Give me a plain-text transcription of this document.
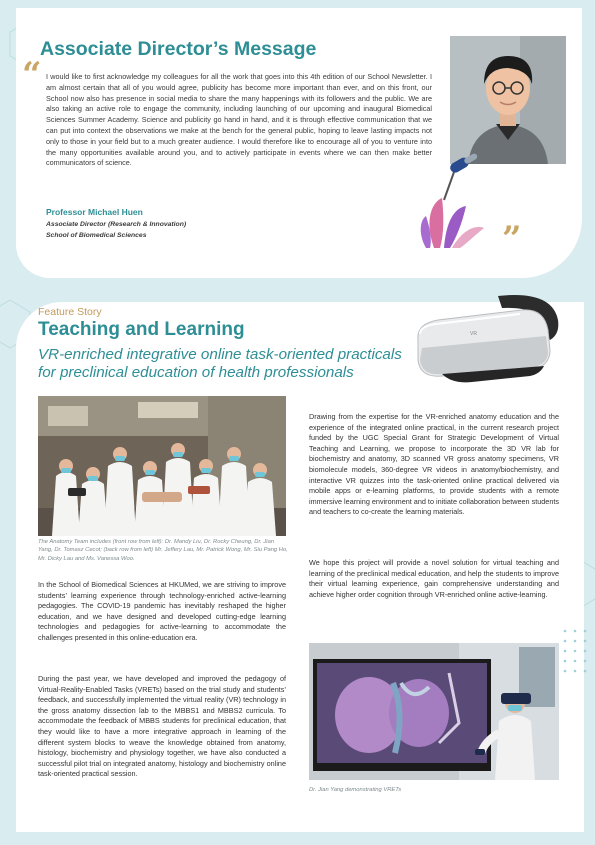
Associate Director’s Message
“ I would like to first acknowledge my colleagues for all the work that goes into this 4th edition of our School Newsletter. I am almost certain that all of you would agree, publicity has become more important than ever, and on this front, our School now also has presence in social media to share the many happenings with its followers and the public. We are also taking an active role to engage the community, including launching of our upcoming and inaugural Biomedical Sciences Summer Academy. Science and publicity go hand in hand, and it is through effective communication that we can put into context the observations we make at the bench for the general public, hoping to leave lasting impacts not only to those in your field but to a much greater audience. I would therefore like to encourage all of you to venture into the many opportunities available around you, and to actively participate in events where we can then make better communicators of science.

Professor Michael Huen

Associate Director (Research & Innovation)

School of Biomedical Sciences	”

Feature Story

Teaching and Learning

VR-enriched integrative online task-oriented practicals
for preclinical education of health professionals

VR

The Anatomy Team includes (front row from left): Dr. Mandy Liu, Dr. Rocky Cheung, Dr. Jian Yang, Dr. Tomasz Cecot; (back row from left) Mr. Jeffery Lau, Mr. Patrick Wong, Mr. Siu Pang Ho, Mr. Dicky Lau and Ms. Vanessa Woo.

In the School of Biomedical Sciences at HKUMed, we are striving to improve students’ learning experience through technology-enriched active-learning pedagogies. The COVID-19 pandemic has inevitably reshaped the higher education, and we have designed and developed cutting-edge learning technologies and pedagogies for active-learning to accommodate the challenges presented in this online-education era.

During the past year, we have developed and improved the pedagogy of Virtual-Reality-Enabled Tasks (VRETs) based on the trial study and students’ feedback, and successfully implemented the virtual reality (VR) technology in the gross anatomy dissection lab to the MBBS1 and MBBS2 curricula. To accommodate the feedback of MBBS students for preclinical education, that they would like to have a more integrative approach in learning of the different system blocks to weave the knowledge obtained from anatomy, histology, biochemistry and physiology together, we have also conducted a successful pilot trial on integrated anatomy, histology and biochemistry online task-oriented practical session.

Drawing from the expertise for the VR-enriched anatomy education and the experience of the integrated online practical, in the current research project funded by the UGC Special Grant for Strategic Development of Virtual Teaching and Learning, we propose to incorporate the 3D VR lab for biochemistry and anatomy, 3D scanned VR gross anatomy specimens, VR biomolecule models, 360-degree VR videos in anatomy/biochemistry, and interactive VR quizzes into the task-oriented online practical delivered via mobile apps or e-learning platforms, to provide students with a remote immersive learning environment and to initiate collaboration between students and teachers to co-create the learning materials.

We hope this project will provide a novel solution for virtual teaching and learning of the preclinical medical education, and help the students to improve their virtual learning experience, gain comprehensive understanding and achieve higher order cognition through VR-enriched online active-learning.

Dr. Jian Yang demonstrating VRETs
